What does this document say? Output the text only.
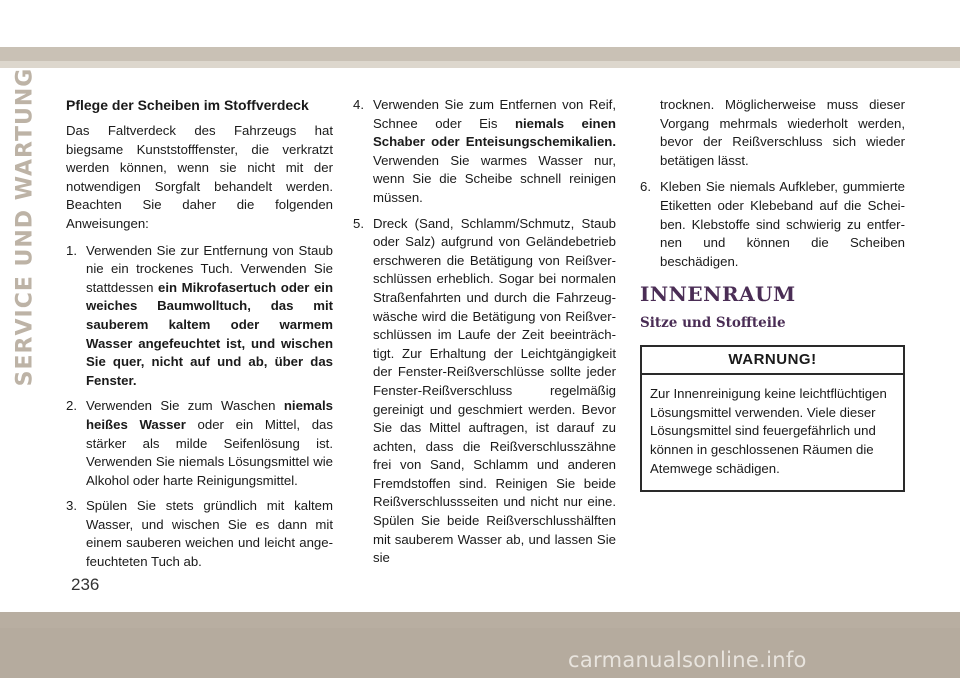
SERVICE UND WARTUNG Pflege der Scheiben im Stoffverdeck

Das Faltverdeck des Fahrzeugs hat biegsame Kunststofffenster, die verkratzt werden können, wenn sie nicht mit der notwendigen Sorgfalt behandelt werden. Beachten Sie daher die folgenden Anweisungen:

1. Verwenden Sie zur Entfernung von Staub nie ein trockenes Tuch. Verwenden Sie stattdessen ein Mikrofasertuch oder ein weiches Baumwolltuch, das mit sauberem kaltem oder warmem Wasser angefeuchtet ist, und wischen Sie quer, nicht auf und ab, über das Fenster.
2. Verwenden Sie zum Waschen niemals heißes Wasser oder ein Mittel, das stärker als milde Seifenlösung ist. Verwenden Sie niemals Lösungsmittel wie Alkohol oder harte Reinigungsmittel.
3. Spülen Sie stets gründlich mit kaltem Wasser, und wischen Sie es dann mit einem sauberen weichen und leicht angefeuchteten Tuch ab.
4. Verwenden Sie zum Entfernen von Reif, Schnee oder Eis niemals einen Schaber oder Enteisungschemikalien. Verwenden Sie warmes Wasser nur, wenn Sie die Scheibe schnell reinigen müssen.
5. Dreck (Sand, Schlamm/Schmutz, Staub oder Salz) aufgrund von Geländebetrieb erschweren die Betätigung von Reißverschlüssen erheblich. Sogar bei normalen Straßenfahrten und durch die Fahrzeugwäsche wird die Betätigung von Reißverschlüssen im Laufe der Zeit beeinträchtigt. Zur Erhaltung der Leichtgängigkeit der Fenster-Reißverschlüsse sollte jeder Fenster-Reißverschluss regelmäßig gereinigt und geschmiert werden. Bevor Sie das Mittel auftragen, ist darauf zu achten, dass die Reißverschlusszähne frei von Sand, Schlamm und anderen Fremdstoffen sind. Reinigen Sie beide Reißverschlussseiten und nicht nur eine. Spülen Sie beide Reißverschlusshälften mit sauberem Wasser ab, und lassen Sie sie
trocknen. Möglicherweise muss dieser Vorgang mehrmals wiederholt werden, bevor der Reißverschluss sich wieder betätigen lässt.
6. Kleben Sie niemals Aufkleber, gummierte Etiketten oder Klebeband auf die Scheiben. Klebstoffe sind schwierig zu entfernen und können die Scheiben beschädigen.
INNENRAUM
Sitze und Stoffteile
WARNUNG!
Zur Innenreinigung keine leichtflüchtigen Lösungsmittel verwenden. Viele dieser Lösungsmittel sind feuergefährlich und können in geschlossenen Räumen die Atemwege schädigen.
236
carmanualsonline.info
